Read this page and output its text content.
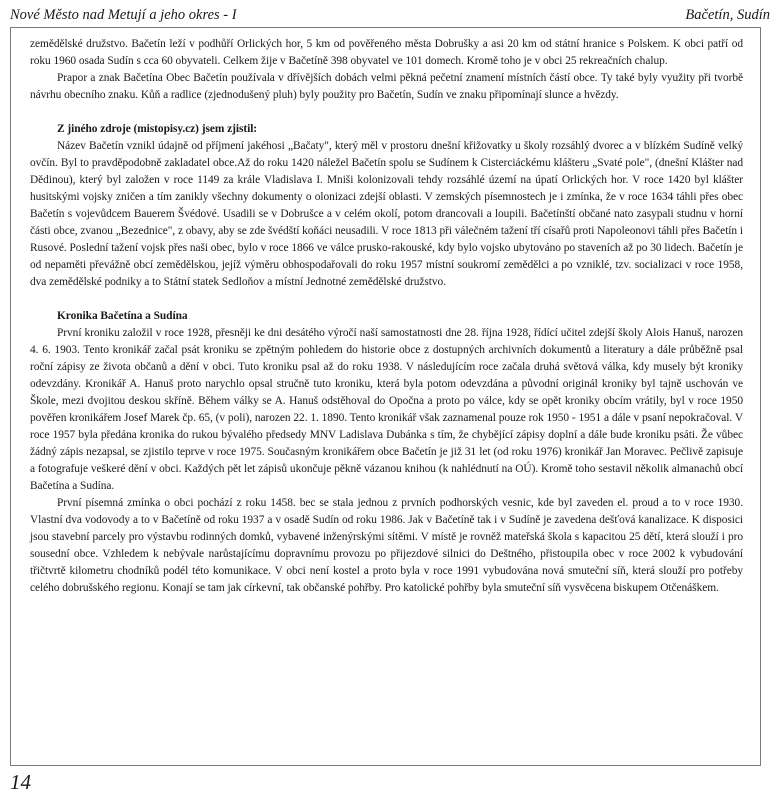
Nové Město nad Metují a jeho okres - I	Bačetín, Sudín

zemědělské družstvo. Bačetín leží v podhůří Orlických hor, 5 km od pověřeného města Dobrušky a asi 20 km od státní hranice s Polskem. K obci patří od roku 1960 osada Sudín s cca 60 obyvateli. Celkem žije v Bačetíně 398 obyvatel ve 101 domech. Kromě toho je v obci 25 rekreačních chalup.

Prapor a znak Bačetína Obec Bačetín používala v dřívějších dobách velmi pěkná pečetní znamení místních částí obce. Ty také byly využity při tvorbě návrhu obecního znaku. Kůň a radlice (zjednodušený pluh) byly použity pro Bačetín, Sudín ve znaku připomínají slunce a hvězdy.

Z jiného zdroje (mistopisy.cz) jsem zjistil:

Název Bačetín vznikl údajně od příjmení jakéhosi „Bačaty", který měl v prostoru dnešní křižovatky u školy rozsáhlý dvorec a v blízkém Sudíně velký ovčín. Byl to pravděpodobně zakladatel obce.Až do roku 1420 náležel Bačetín spolu se Sudínem k Cisterciáckému klášteru „Svaté pole", (dnešní Klášter nad Dědinou), který byl založen v roce 1149 za krále Vladislava I. Mniši kolonizovali tehdy rozsáhlé území na úpatí Orlických hor. V roce 1420 byl klášter husitskými vojsky zničen a tím zanikly všechny dokumenty o olonizaci zdejší oblasti. V zemských písemnostech je i zmínka, že v roce 1634 táhli přes obec Bačetín s vojevůdcem Bauerem Švédové. Usadili se v Dobrušce a v celém okolí, potom drancovali a loupili. Bačetínští občané nato zasypali studnu v horní části obce, zvanou „Bezednice", z obavy, aby se zde švédští koňáci neusadili. V roce 1813 při válečném tažení tří císařů proti Napoleonovi táhli přes Bačetín i Rusové. Poslední tažení vojsk přes naši obec, bylo v roce 1866 ve válce prusko-rakouské, kdy bylo vojsko ubytováno po staveních až po 30 lidech. Bačetín je od nepaměti převážně obcí zemědělskou, jejíž výměru obhospodařovali do roku 1957 místní soukromí zemědělci a po vzniklé, tzv. socializaci v roce 1958, dva zemědělské podniky a to Státní statek Sedloňov a místní Jednotné zemědělské družstvo.

Kronika Bačetína a Sudína

První kroniku založil v roce 1928, přesněji ke dni desátého výročí naší samostatnosti dne 28. října 1928, řídící učitel zdejší školy Alois Hanuš, narozen 4. 6. 1903. Tento kronikář začal psát kroniku se zpětným pohledem do historie obce z dostupných archivních dokumentů a literatury a dále průběžně psal roční zápisy ze života občanů a dění v obci. Tuto kroniku psal až do roku 1938. V následujícím roce začala druhá světová válka, kdy musely být kroniky odevzdány. Kronikář A. Hanuš proto narychlo opsal stručně tuto kroniku, která byla potom odevzdána a původní originál kroniky byl tajně uschován ve Škole, mezi dvojitou deskou skříně. Během války se A. Hanuš odstěhoval do Opočna a proto po válce, kdy se opět kroniky obcím vrátily, byl v roce 1950 pověřen kronikářem Josef Marek čp. 65, (v poli), narozen 22. 1. 1890. Tento kronikář však zaznamenal pouze rok 1950 - 1951 a dále v psaní nepokračoval. V roce 1957 byla předána kronika do rukou bývalého předsedy MNV Ladislava Dubánka s tím, že chybějící zápisy doplní a dále bude kroniku psáti. Že vůbec žádný zápis nezapsal, se zjistilo teprve v roce 1975. Současným kronikářem obce Bačetín je již 31 let (od roku 1976) kronikář Jan Moravec. Pečlivě zapisuje a fotografuje veškeré dění v obci. Každých pět let zápisů ukončuje pěkně vázanou knihou (k nahlédnutí na OÚ). Kromě toho sestavil několik almanachů obcí Bačetína a Sudína.

První písemná zmínka o obci pochází z roku 1458. bec se stala jednou z prvních podhorských vesnic, kde byl zaveden el. proud a to v roce 1930. Vlastní dva vodovody a to v Bačetíně od roku 1937 a v osadě Sudín od roku 1986. Jak v Bačetíně tak i v Sudíně je zavedena dešťová kanalizace. K disposici jsou stavební parcely pro výstavbu rodinných domků, vybavené inženýrskými sítěmi. V místě je rovněž mateřská škola s kapacitou 25 dětí, která slouží i pro sousední obce. Vzhledem k nebývale narůstajícímu dopravnímu provozu po přijezdové silnici do Deštného, přistoupila obec v roce 2002 k vybudování třičtvrtě kilometru chodníků podél této komunikace. V obci není kostel a proto byla v roce 1991 vybudována nová smuteční síň, která slouží pro potřeby celého dobrušského regionu. Konají se tam jak církevní, tak občanské pohřby. Pro katolické pohřby byla smuteční síň vysvěcena biskupem Otčenáškem.

14
